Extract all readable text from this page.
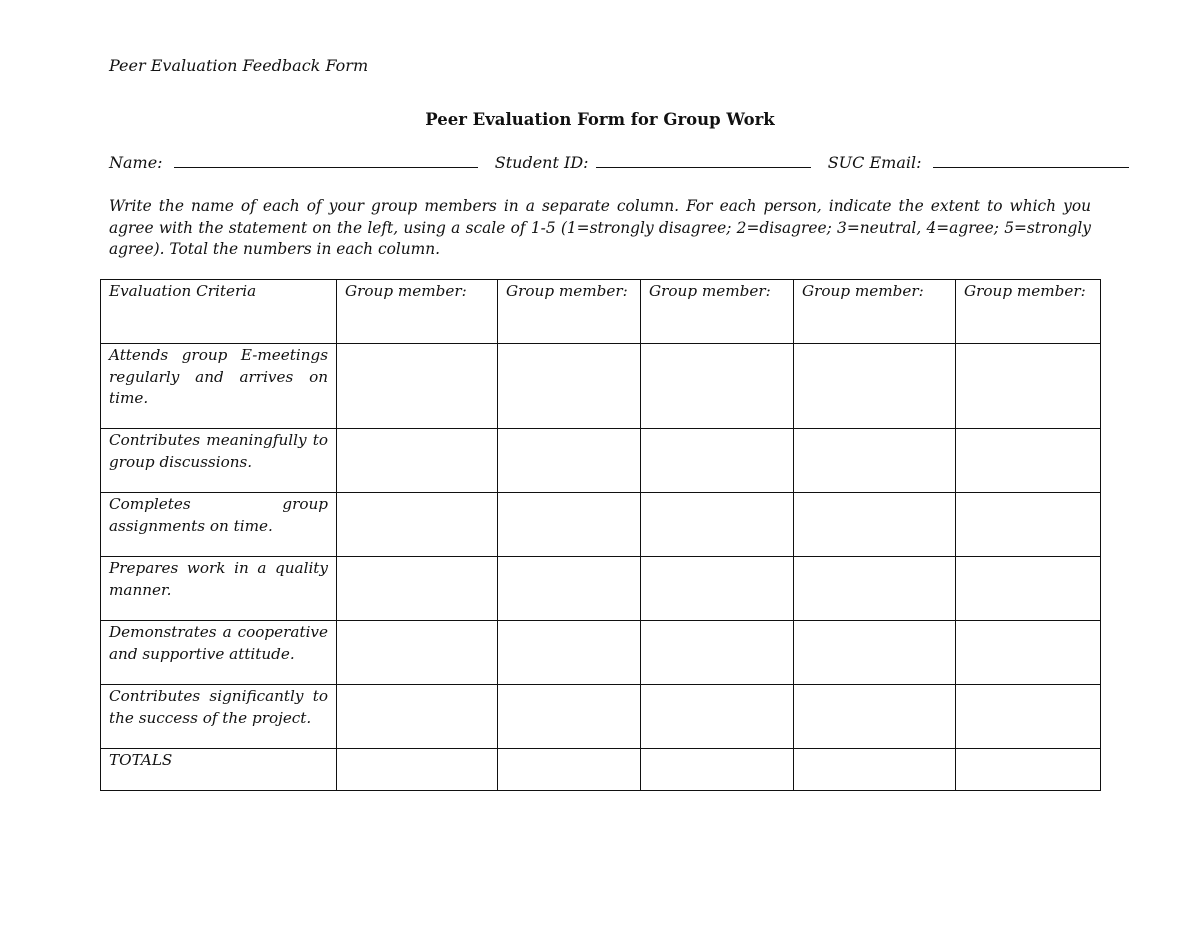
Peer Evaluation Feedback Form
Peer Evaluation Form for Group Work
Name:	Student ID:	SUC Email:
Write the name of each of your group members in a separate column. For each person, indicate the extent to which you agree with the statement on the left, using a scale of 1-5 (1=strongly disagree; 2=disagree; 3=neutral, 4=agree; 5=strongly agree). Total the numbers in each column.
Evaluation Criteria	Group member:	Group member:	Group member:	Group member:	Group member:
Attends group E-meetings regularly and arrives on time.					
Contributes meaningfully to group discussions.					
Completes group assignments on time.					
Prepares work in a quality manner.					
Demonstrates a cooperative and supportive attitude.					
Contributes significantly to the success of the project.					
TOTALS					
